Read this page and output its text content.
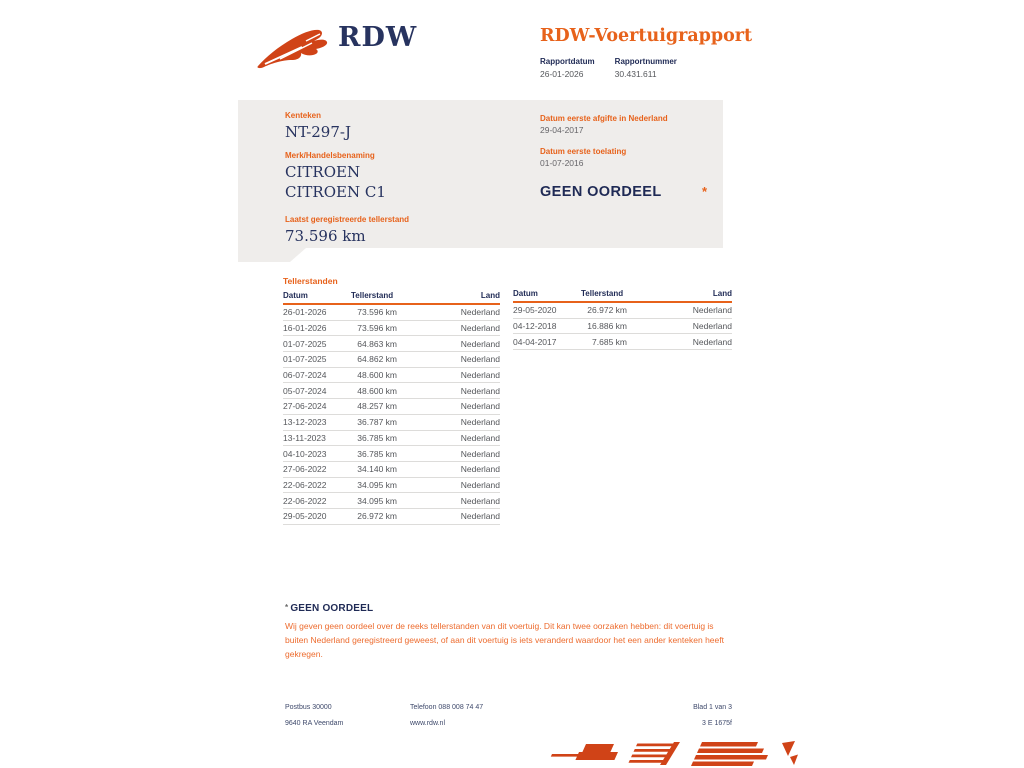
RDW	RDW-Voertuigrapport
Rapportdatum
26-01-2026
Rapportnummer
30.431.611
Kenteken
NT-297-J
Merk/Handelsbenaming
CITROEN CITROEN C1
Laatst geregistreerde tellerstand
73.596 km
Datum eerste afgifte in Nederland
29-04-2017
Datum eerste toelating
01-07-2016
GEEN OORDEEL	*
Tellerstanden
Datum	Tellerstand	Land
26-01-2026	73.596 km	Nederland
16-01-2026	73.596 km	Nederland
01-07-2025	64.863 km	Nederland
01-07-2025	64.862 km	Nederland
06-07-2024	48.600 km	Nederland
05-07-2024	48.600 km	Nederland
27-06-2024	48.257 km	Nederland
13-12-2023	36.787 km	Nederland
13-11-2023	36.785 km	Nederland
04-10-2023	36.785 km	Nederland
27-06-2022	34.140 km	Nederland
22-06-2022	34.095 km	Nederland
22-06-2022	34.095 km	Nederland
29-05-2020	26.972 km	Nederland
Datum	Tellerstand	Land
29-05-2020	26.972 km	Nederland
04-12-2018	16.886 km	Nederland
04-04-2017	7.685 km	Nederland
* GEEN OORDEEL
Wij geven geen oordeel over de reeks tellerstanden van dit voertuig. Dit kan twee oorzaken hebben: dit voertuig is buiten Nederland geregistreerd geweest, of aan dit voertuig is iets veranderd waardoor het een ander kenteken heeft gekregen.
Postbus 30000
9640 RA Veendam
Telefoon 088 008 74 47
www.rdw.nl
Blad 1 van 3
3 E 1675f
